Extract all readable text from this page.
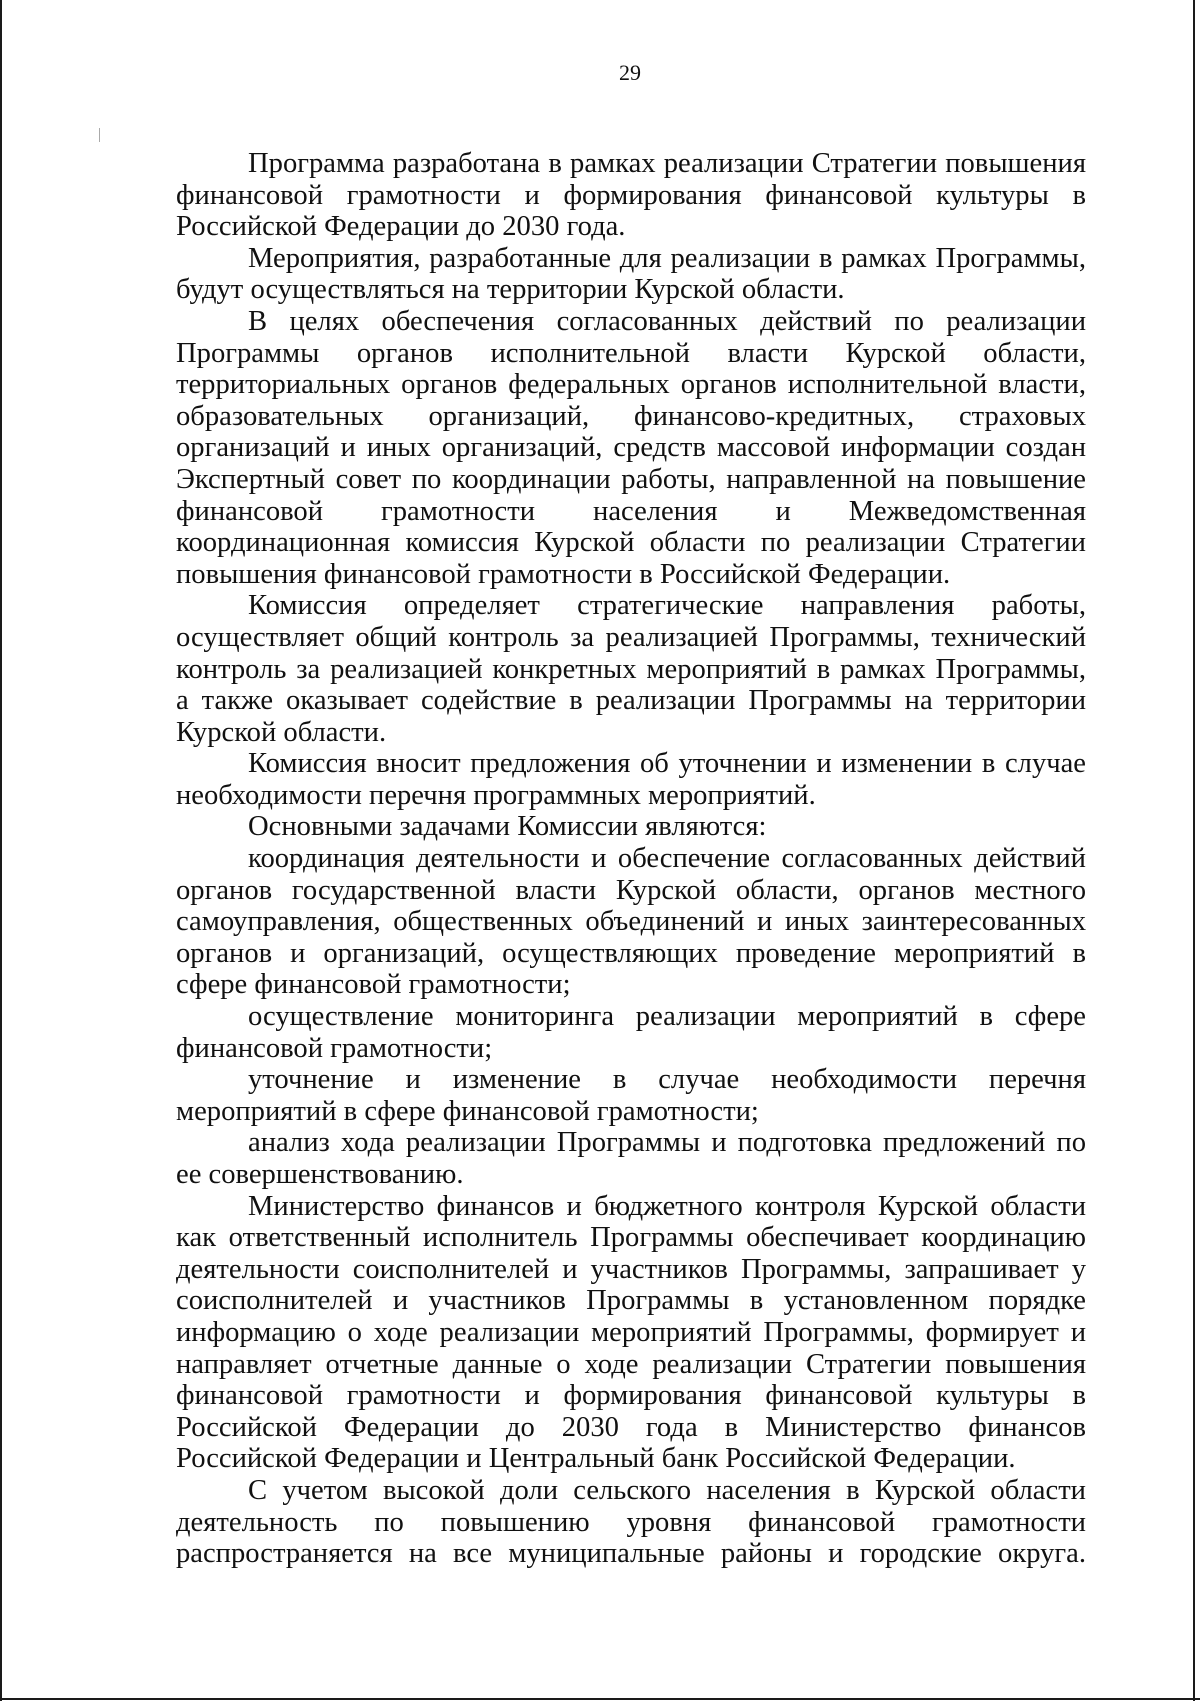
29

Программа разработана в рамках реализации Стратегии повышения финансовой грамотности и формирования финансовой культуры в Российской Федерации до 2030 года.

Мероприятия, разработанные для реализации в рамках Программы, будут осуществляться на территории Курской области.

В целях обеспечения согласованных действий по реализации Программы органов исполнительной власти Курской области, территориальных органов федеральных органов исполнительной власти, образовательных организаций, финансово-кредитных, страховых организаций и иных организаций, средств массовой информации создан Экспертный совет по координации работы, направленной на повышение финансовой грамотности населения и Межведомственная координационная комиссия Курской области по реализации Стратегии повышения финансовой грамотности в Российской Федерации.

Комиссия определяет стратегические направления работы, осуществляет общий контроль за реализацией Программы, технический контроль за реализацией конкретных мероприятий в рамках Программы, а также оказывает содействие в реализации Программы на территории Курской области.

Комиссия вносит предложения об уточнении и изменении в случае необходимости перечня программных мероприятий.

Основными задачами Комиссии являются:

координация деятельности и обеспечение согласованных действий органов государственной власти Курской области, органов местного самоуправления, общественных объединений и иных заинтересованных органов и организаций, осуществляющих проведение мероприятий в сфере финансовой грамотности;

осуществление мониторинга реализации мероприятий в сфере финансовой грамотности;

уточнение и изменение в случае необходимости перечня мероприятий в сфере финансовой грамотности;

анализ хода реализации Программы и подготовка предложений по ее совершенствованию.

Министерство финансов и бюджетного контроля Курской области как ответственный исполнитель Программы обеспечивает координацию деятельности соисполнителей и участников Программы, запрашивает у соисполнителей и участников Программы в установленном порядке информацию о ходе реализации мероприятий Программы, формирует и направляет отчетные данные о ходе реализации Стратегии повышения финансовой грамотности и формирования финансовой культуры в Российской Федерации до 2030 года в Министерство финансов Российской Федерации и Центральный банк Российской Федерации.

С учетом высокой доли сельского населения в Курской области деятельность по повышению уровня финансовой грамотности распространяется на все муниципальные районы и городские округа.
